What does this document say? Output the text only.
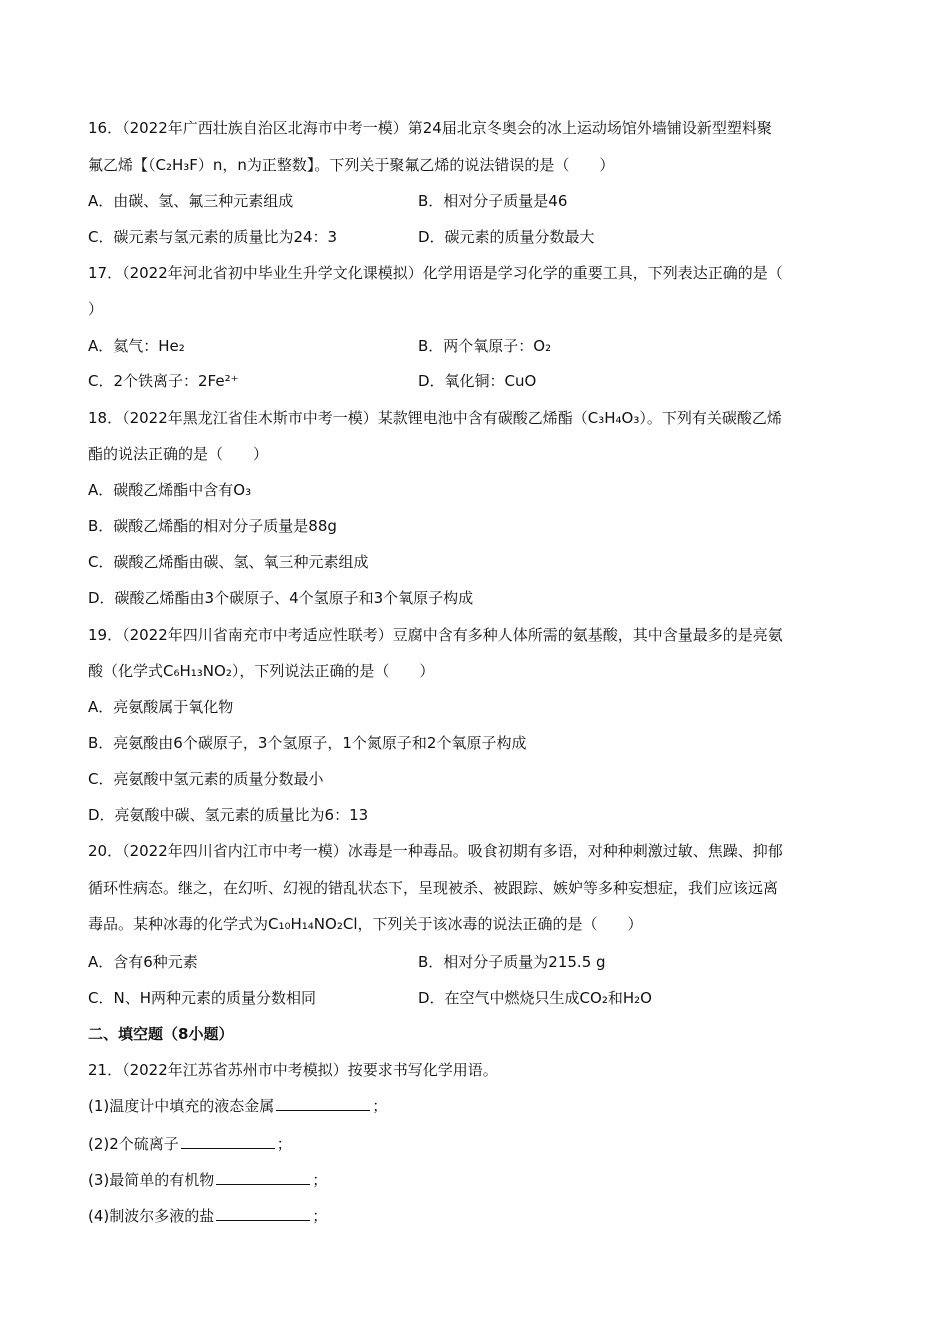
16．（2022年广西壮族自治区北海市中考一模）第24届北京冬奥会的冰上运动场馆外墙铺设新型塑料聚
氟乙烯【（C₂H₃F）n，n为正整数】。下列关于聚氟乙烯的说法错误的是（　　）
A．由碳、氢、氟三种元素组成	B．相对分子质量是46
C．碳元素与氢元素的质量比为24：3	D．碳元素的质量分数最大
17．（2022年河北省初中毕业生升学文化课模拟）化学用语是学习化学的重要工具，下列表达正确的是（
）
A．氦气：He₂	B．两个氧原子：O₂
C．2个铁离子：2Fe²⁺	D．氧化铜：CuO
18．（2022年黑龙江省佳木斯市中考一模）某款锂电池中含有碳酸乙烯酯（C₃H₄O₃）。下列有关碳酸乙烯
酯的说法正确的是（　　）
A．碳酸乙烯酯中含有O₃
B．碳酸乙烯酯的相对分子质量是88g
C．碳酸乙烯酯由碳、氢、氧三种元素组成
D．碳酸乙烯酯由3个碳原子、4个氢原子和3个氧原子构成
19．（2022年四川省南充市中考适应性联考）豆腐中含有多种人体所需的氨基酸，其中含量最多的是亮氨
酸（化学式C₆H₁₃NO₂），下列说法正确的是（　　）
A．亮氨酸属于氧化物
B．亮氨酸由6个碳原子，3个氢原子，1个氮原子和2个氧原子构成
C．亮氨酸中氢元素的质量分数最小
D．亮氨酸中碳、氢元素的质量比为6：13
20．（2022年四川省内江市中考一模）冰毒是一种毒品。吸食初期有多语，对种种刺激过敏、焦躁、抑郁
循环性病态。继之，在幻听、幻视的错乱状态下，呈现被杀、被跟踪、嫉妒等多种妄想症，我们应该远离
毒品。某种冰毒的化学式为C₁₀H₁₄NO₂Cl，下列关于该冰毒的说法正确的是（　　）
A．含有6种元素	B．相对分子质量为215.5 g
C．N、H两种元素的质量分数相同	D．在空气中燃烧只生成CO₂和H₂O
二、填空题（8小题）
21．（2022年江苏省苏州市中考模拟）按要求书写化学用语。
(1)温度计中填充的液态金属	；
(2)2个硫离子	；
(3)最简单的有机物	；
(4)制波尔多液的盐	；
